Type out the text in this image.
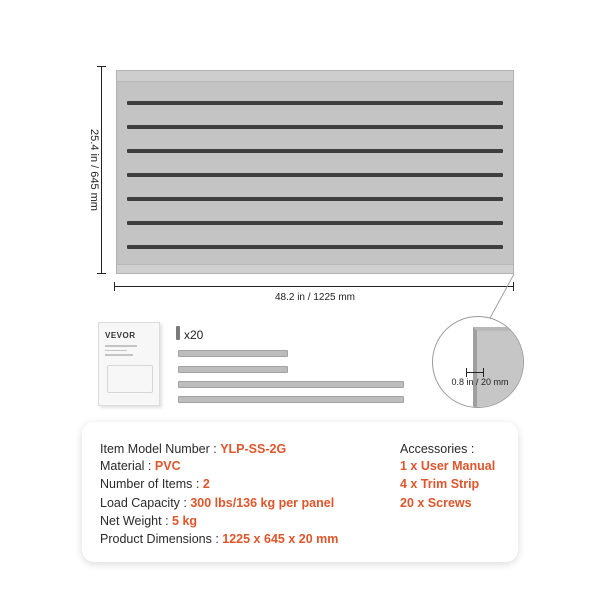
25.4 in / 645 mm
48.2 in / 1225 mm
0.8 in / 20 mm
VEVOR	x20
Item Model Number : YLP-SS-2G
Material : PVC
Number of Items : 2
Load Capacity : 300 lbs/136 kg per panel
Net Weight : 5 kg
Product Dimensions : 1225 x 645 x 20 mm
Accessories :
1 x User Manual
4 x Trim Strip
20 x Screws
